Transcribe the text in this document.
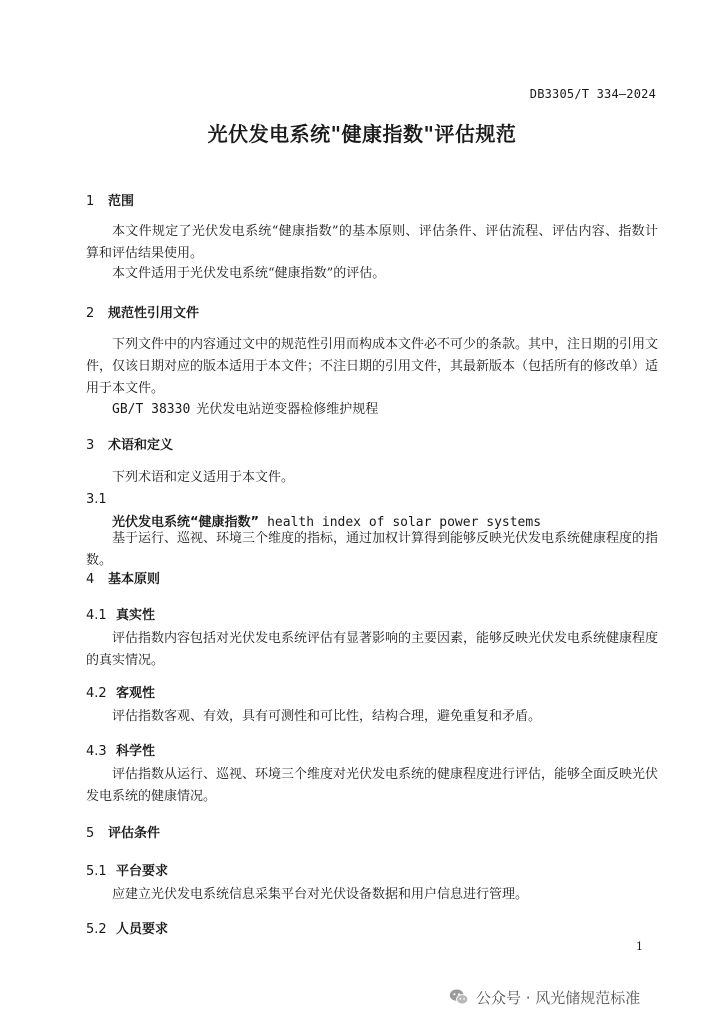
DB3305/T 334—2024
光伏发电系统"健康指数"评估规范
1 范围
本文件规定了光伏发电系统“健康指数”的基本原则、评估条件、评估流程、评估内容、指数计算和评估结果使用。
本文件适用于光伏发电系统“健康指数”的评估。
2 规范性引用文件
下列文件中的内容通过文中的规范性引用而构成本文件必不可少的条款。其中，注日期的引用文件，仅该日期对应的版本适用于本文件；不注日期的引用文件，其最新版本（包括所有的修改单）适用于本文件。
GB/T 38330 光伏发电站逆变器检修维护规程
3 术语和定义
下列术语和定义适用于本文件。
3.1
光伏发电系统“健康指数” health index of solar power systems
基于运行、巡视、环境三个维度的指标，通过加权计算得到能够反映光伏发电系统健康程度的指数。
4 基本原则
4.1 真实性
评估指数内容包括对光伏发电系统评估有显著影响的主要因素，能够反映光伏发电系统健康程度的真实情况。
4.2 客观性
评估指数客观、有效，具有可测性和可比性，结构合理，避免重复和矛盾。
4.3 科学性
评估指数从运行、巡视、环境三个维度对光伏发电系统的健康程度进行评估，能够全面反映光伏发电系统的健康情况。
5 评估条件
5.1 平台要求
应建立光伏发电系统信息采集平台对光伏设备数据和用户信息进行管理。
5.2 人员要求
1
公众号 · 风光储规范标准
